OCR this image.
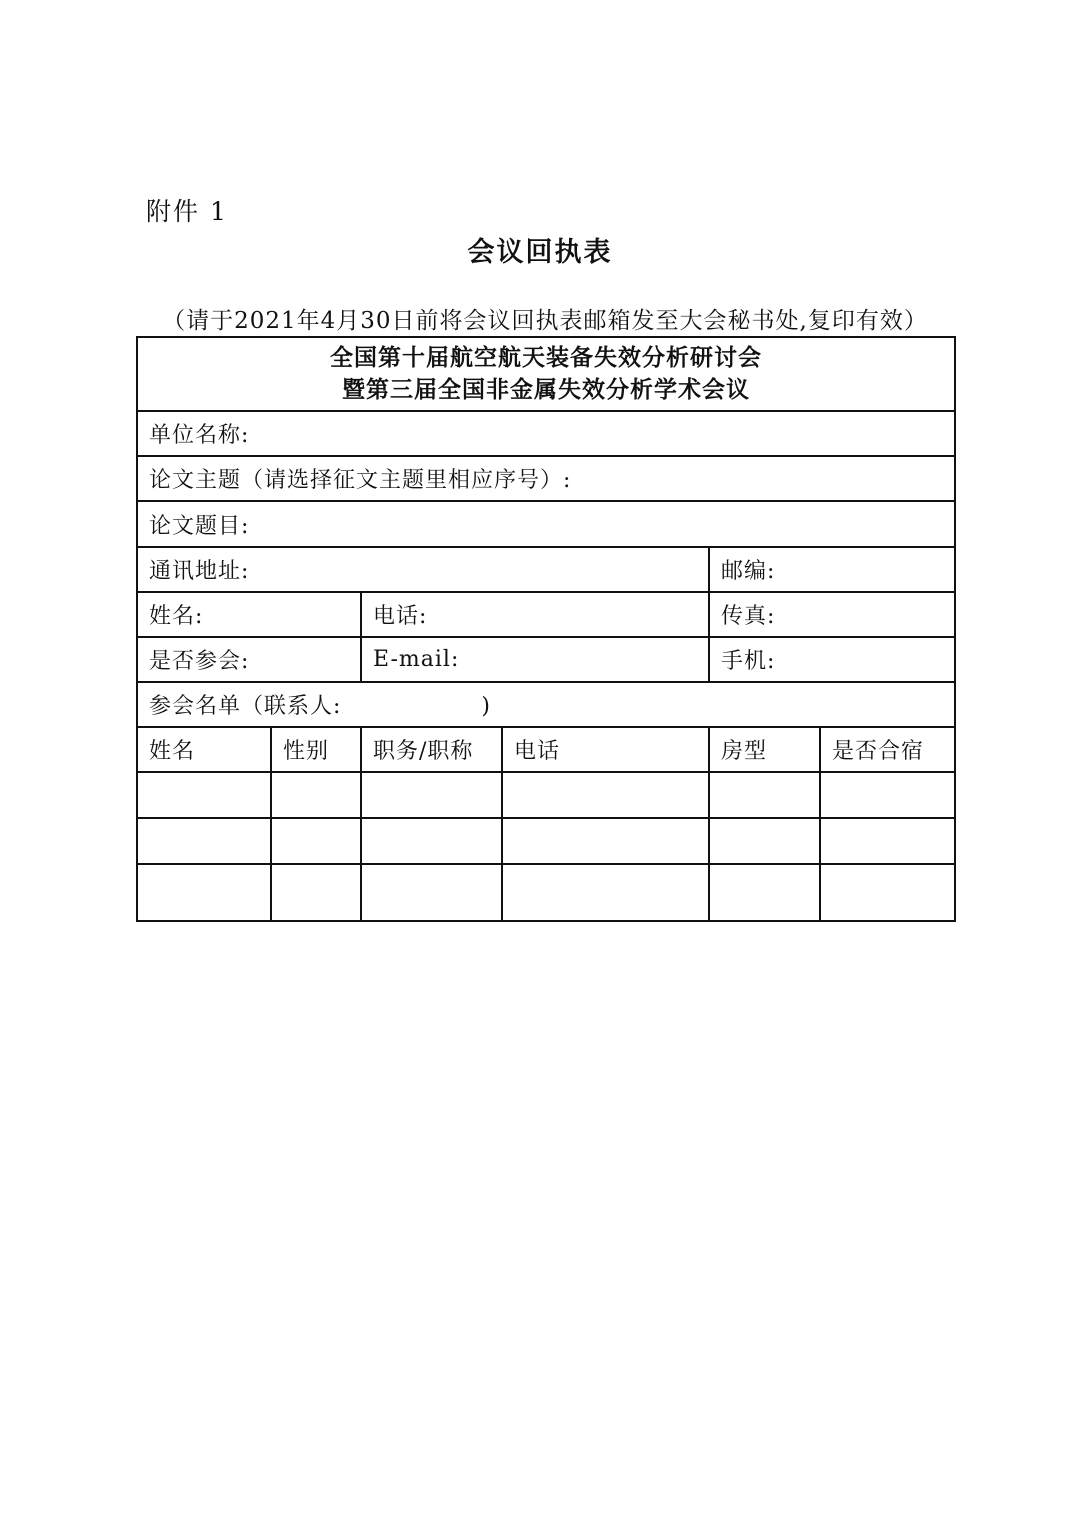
附件 1
会议回执表
（请于2021年4月30日前将会议回执表邮箱发至大会秘书处,复印有效）
全国第十届航空航天装备失效分析研讨会
暨第三届全国非金属失效分析学术会议					

单位名称:					
论文主题（请选择征文主题里相应序号）:					
论文题目:					
通讯地址:				邮编:	
姓名:		电话:		传真:	
是否参会:		E-mail:		手机:	
参会名单（联系人: )					
姓名	性别	职务/职称	电话	房型	是否合宿
